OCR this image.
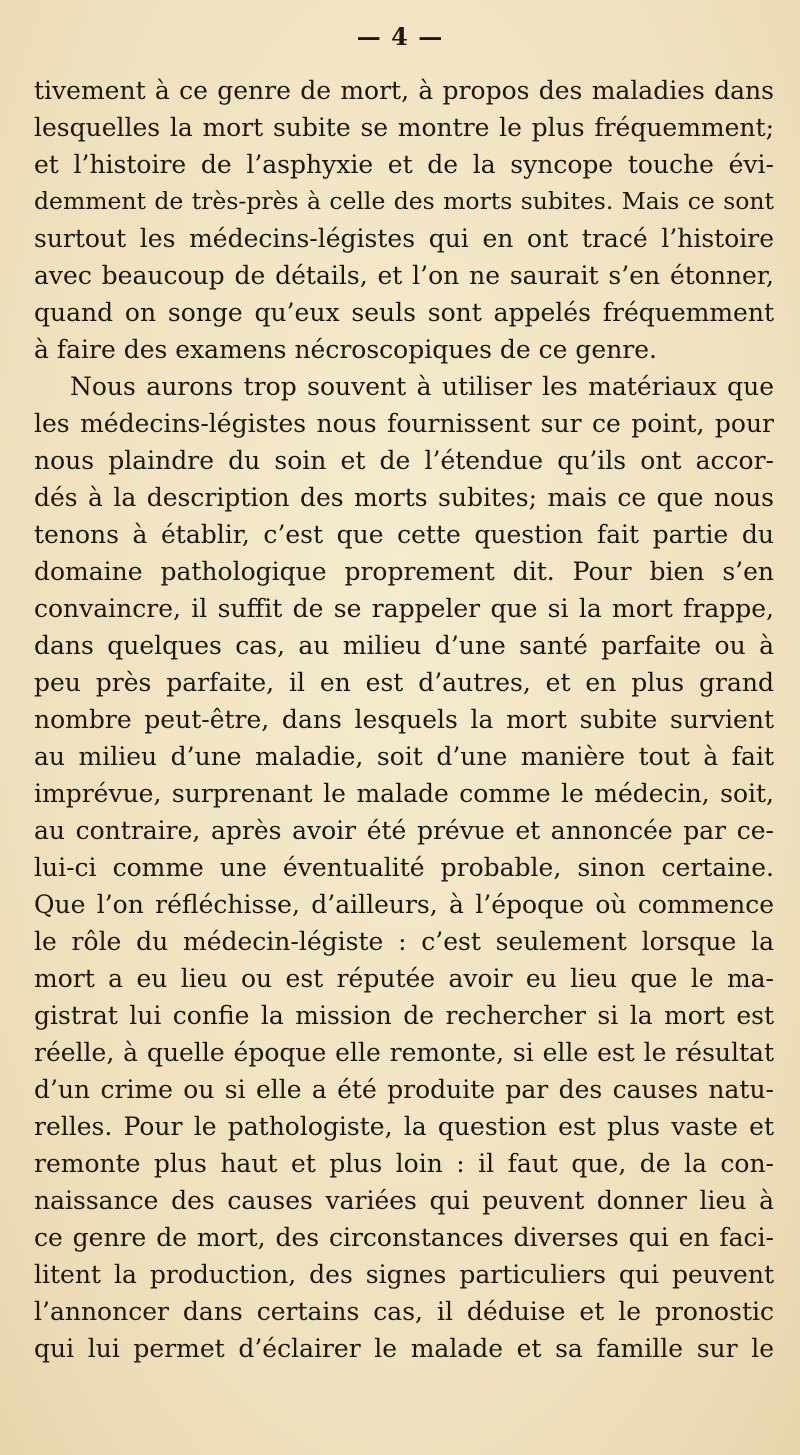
— 4 —
tivement à ce genre de mort, à propos des maladies dans
lesquelles la mort subite se montre le plus fréquemment;
et l’histoire de l’asphyxie et de la syncope touche évi-
demment de très-près à celle des morts subites. Mais ce sont
surtout les médecins-légistes qui en ont tracé l’histoire
avec beaucoup de détails, et l’on ne saurait s’en étonner,
quand on songe qu’eux seuls sont appelés fréquemment
à faire des examens nécroscopiques de ce genre.
Nous aurons trop souvent à utiliser les matériaux que
les médecins-légistes nous fournissent sur ce point, pour
nous plaindre du soin et de l’étendue qu’ils ont accor-
dés à la description des morts subites; mais ce que nous
tenons à établir, c’est que cette question fait partie du
domaine pathologique proprement dit. Pour bien s’en
convaincre, il suffit de se rappeler que si la mort frappe,
dans quelques cas, au milieu d’une santé parfaite ou à
peu près parfaite, il en est d’autres, et en plus grand
nombre peut-être, dans lesquels la mort subite survient
au milieu d’une maladie, soit d’une manière tout à fait
imprévue, surprenant le malade comme le médecin, soit,
au contraire, après avoir été prévue et annoncée par ce-
lui-ci comme une éventualité probable, sinon certaine.
Que l’on réfléchisse, d’ailleurs, à l’époque où commence
le rôle du médecin-légiste : c’est seulement lorsque la
mort a eu lieu ou est réputée avoir eu lieu que le ma-
gistrat lui confie la mission de rechercher si la mort est
réelle, à quelle époque elle remonte, si elle est le résultat
d’un crime ou si elle a été produite par des causes natu-
relles. Pour le pathologiste, la question est plus vaste et
remonte plus haut et plus loin : il faut que, de la con-
naissance des causes variées qui peuvent donner lieu à
ce genre de mort, des circonstances diverses qui en faci-
litent la production, des signes particuliers qui peuvent
l’annoncer dans certains cas, il déduise et le pronostic
qui lui permet d’éclairer le malade et sa famille sur le
